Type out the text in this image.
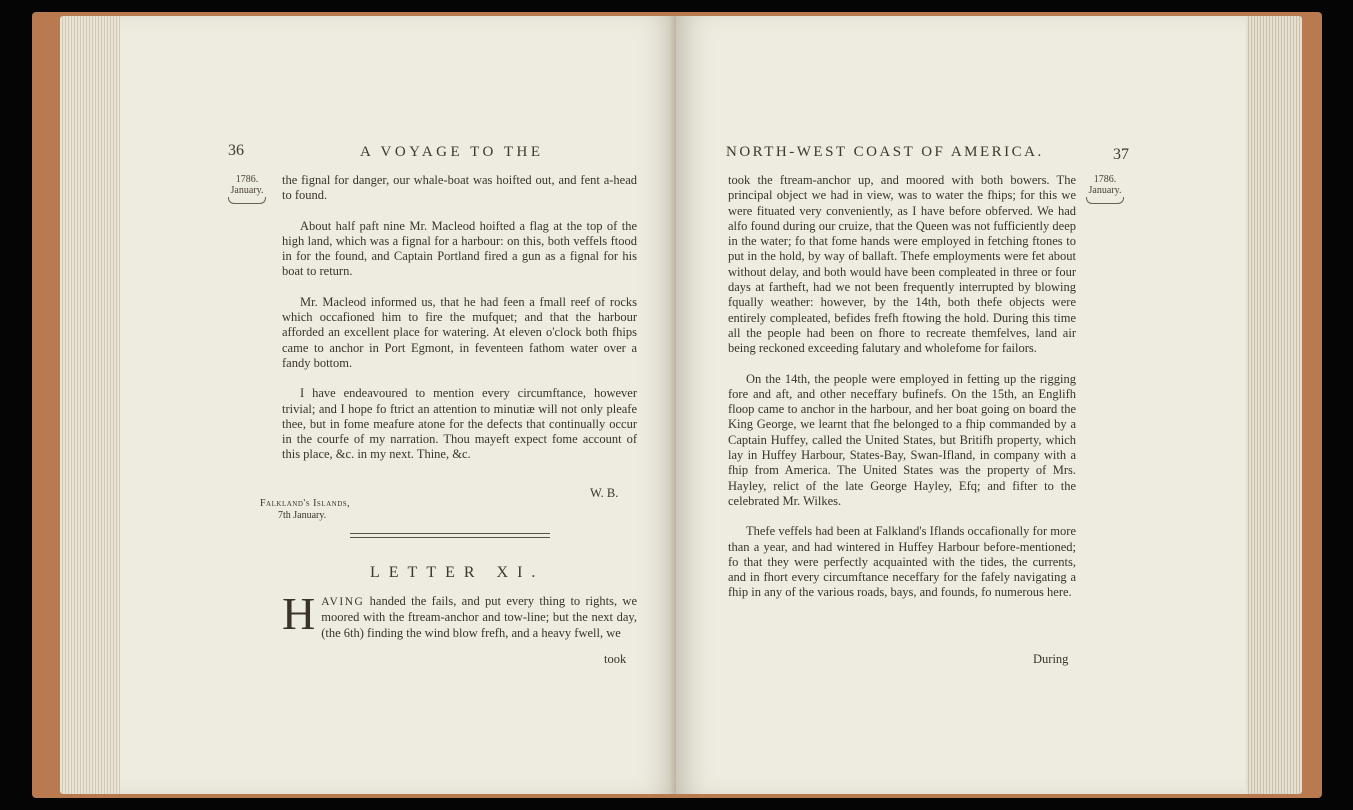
36	A VOYAGE TO THE
1786.
January.

the fignal for danger, our whale-boat was hoifted out, and fent a-head to found.

About half paft nine Mr. Macleod hoifted a flag at the top of the high land, which was a fignal for a harbour: on this, both veffels ftood in for the found, and Captain Portland fired a gun as a fignal for his boat to return.

Mr. Macleod informed us, that he had feen a fmall reef of rocks which occafioned him to fire the mufquet; and that the harbour afforded an excellent place for watering. At eleven o'clock both fhips came to anchor in Port Egmont, in feventeen fathom water over a fandy bottom.

I have endeavoured to mention every circumftance, however trivial; and I hope fo ftrict an attention to minutiæ will not only pleafe thee, but in fome meafure atone for the defects that continually occur in the courfe of my narration. Thou mayeft expect fome account of this place, &c. in my next. Thine, &c.

W. B.
Falkland's Islands,
7th January.
LETTER XI.

HAVING handed the fails, and put every thing to rights, we moored with the ftream-anchor and tow-line; but the next day, (the 6th) finding the wind blow frefh, and a heavy fwell, we

took
NORTH-WEST COAST OF AMERICA.	37
1786.
January.

took the ftream-anchor up, and moored with both bowers. The principal object we had in view, was to water the fhips; for this we were fituated very conveniently, as I have before obferved. We had alfo found during our cruize, that the Queen was not fufficiently deep in the water; fo that fome hands were employed in fetching ftones to put in the hold, by way of ballaft. Thefe employments were fet about without delay, and both would have been compleated in three or four days at fartheft, had we not been frequently interrupted by blowing fqually weather: however, by the 14th, both thefe objects were entirely compleated, befides frefh ftowing the hold. During this time all the people had been on fhore to recreate themfelves, land air being reckoned exceeding falutary and wholefome for failors.

On the 14th, the people were employed in fetting up the rigging fore and aft, and other neceffary bufinefs. On the 15th, an Englifh floop came to anchor in the harbour, and her boat going on board the King George, we learnt that fhe belonged to a fhip commanded by a Captain Huffey, called the United States, but Britifh property, which lay in Huffey Harbour, States-Bay, Swan-Ifland, in company with a fhip from America. The United States was the property of Mrs. Hayley, relict of the late George Hayley, Efq; and fifter to the celebrated Mr. Wilkes.

Thefe veffels had been at Falkland's Iflands occafionally for more than a year, and had wintered in Huffey Harbour before-mentioned; fo that they were perfectly acquainted with the tides, the currents, and in fhort every circumftance neceffary for the fafely navigating a fhip in any of the various roads, bays, and founds, fo numerous here.

During
